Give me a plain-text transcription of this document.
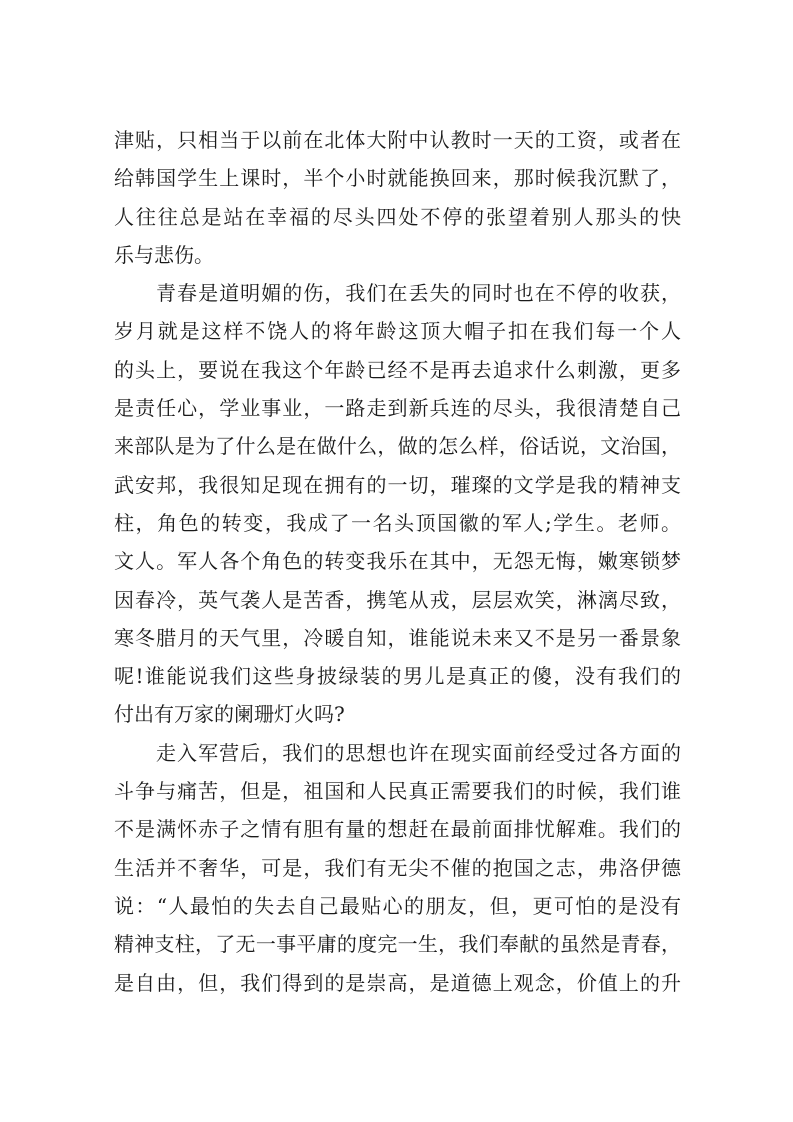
津贴，只相当于以前在北体大附中认教时一天的工资，或者在
给韩国学生上课时，半个小时就能换回来，那时候我沉默了，
人往往总是站在幸福的尽头四处不停的张望着别人那头的快
乐与悲伤。
青春是道明媚的伤，我们在丢失的同时也在不停的收获，
岁月就是这样不饶人的将年龄这顶大帽子扣在我们每一个人
的头上，要说在我这个年龄已经不是再去追求什么刺激，更多
是责任心，学业事业，一路走到新兵连的尽头，我很清楚自己
来部队是为了什么是在做什么，做的怎么样，俗话说，文治国，
武安邦，我很知足现在拥有的一切，璀璨的文学是我的精神支
柱，角色的转变，我成了一名头顶国徽的军人;学生。老师。
文人。军人各个角色的转变我乐在其中，无怨无悔，嫩寒锁梦
因春冷，英气袭人是苦香，携笔从戎，层层欢笑，淋漓尽致，
寒冬腊月的天气里，冷暖自知，谁能说未来又不是另一番景象
呢!谁能说我们这些身披绿装的男儿是真正的傻，没有我们的
付出有万家的阑珊灯火吗?
走入军营后，我们的思想也许在现实面前经受过各方面的
斗争与痛苦，但是，祖国和人民真正需要我们的时候，我们谁
不是满怀赤子之情有胆有量的想赶在最前面排忧解难。我们的
生活并不奢华，可是，我们有无尖不催的抱国之志，弗洛伊德
说：“人最怕的失去自己最贴心的朋友，但，更可怕的是没有
精神支柱，了无一事平庸的度完一生，我们奉献的虽然是青春，
是自由，但，我们得到的是崇高，是道德上观念，价值上的升
